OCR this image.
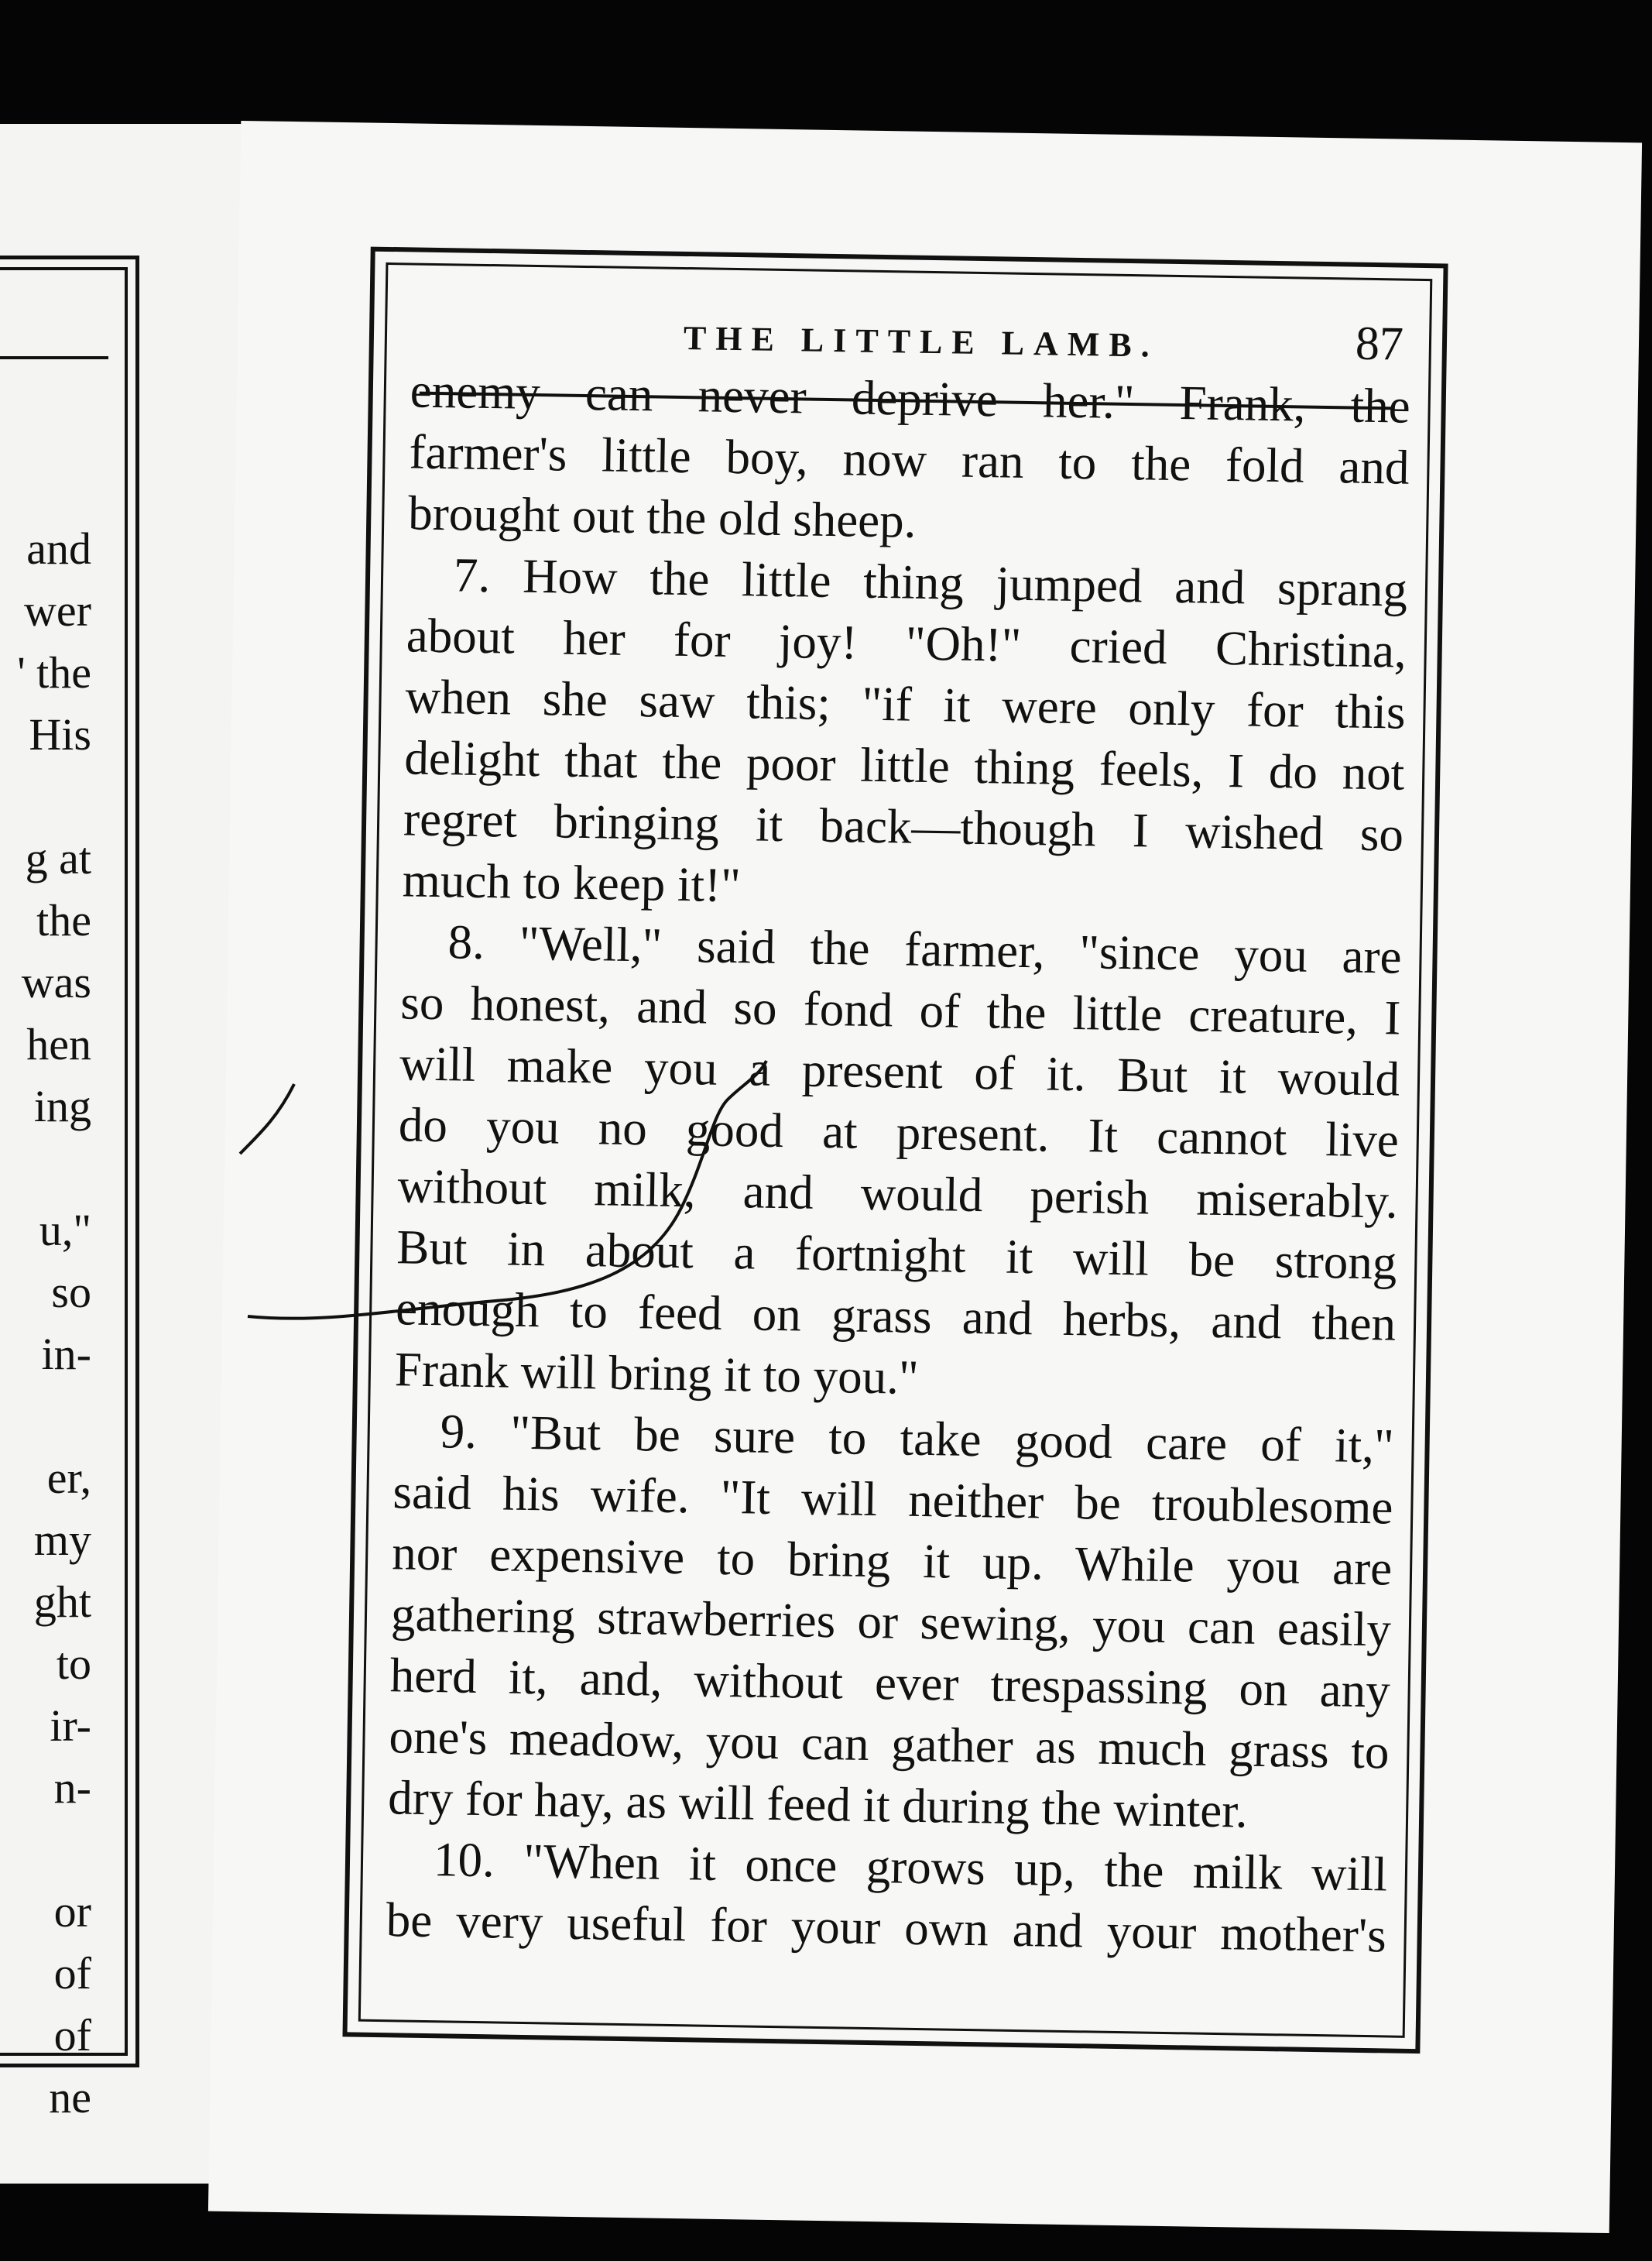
and
wer
' the
His
g at
the
was
hen
ing
u,"
so
in-
er,
my
ght
to
ir-
n-
or
of
of
ne
THE LITTLE LAMB.	87
enemy can never deprive her." Frank, the
farmer's little boy, now ran to the fold and
brought out the old sheep.
7. How the little thing jumped and sprang
about her for joy! "Oh!" cried Christina,
when she saw this; "if it were only for this
delight that the poor little thing feels, I do not
regret bringing it back—though I wished so
much to keep it!"
8. "Well," said the farmer, "since you are
so honest, and so fond of the little creature, I
will make you a present of it. But it would
do you no good at present. It cannot live
without milk, and would perish miserably.
But in about a fortnight it will be strong
enough to feed on grass and herbs, and then
Frank will bring it to you."
9. "But be sure to take good care of it,"
said his wife. "It will neither be troublesome
nor expensive to bring it up. While you are
gathering strawberries or sewing, you can easily
herd it, and, without ever trespassing on any
one's meadow, you can gather as much grass to
dry for hay, as will feed it during the winter.
10. "When it once grows up, the milk will
be very useful for your own and your mother's
